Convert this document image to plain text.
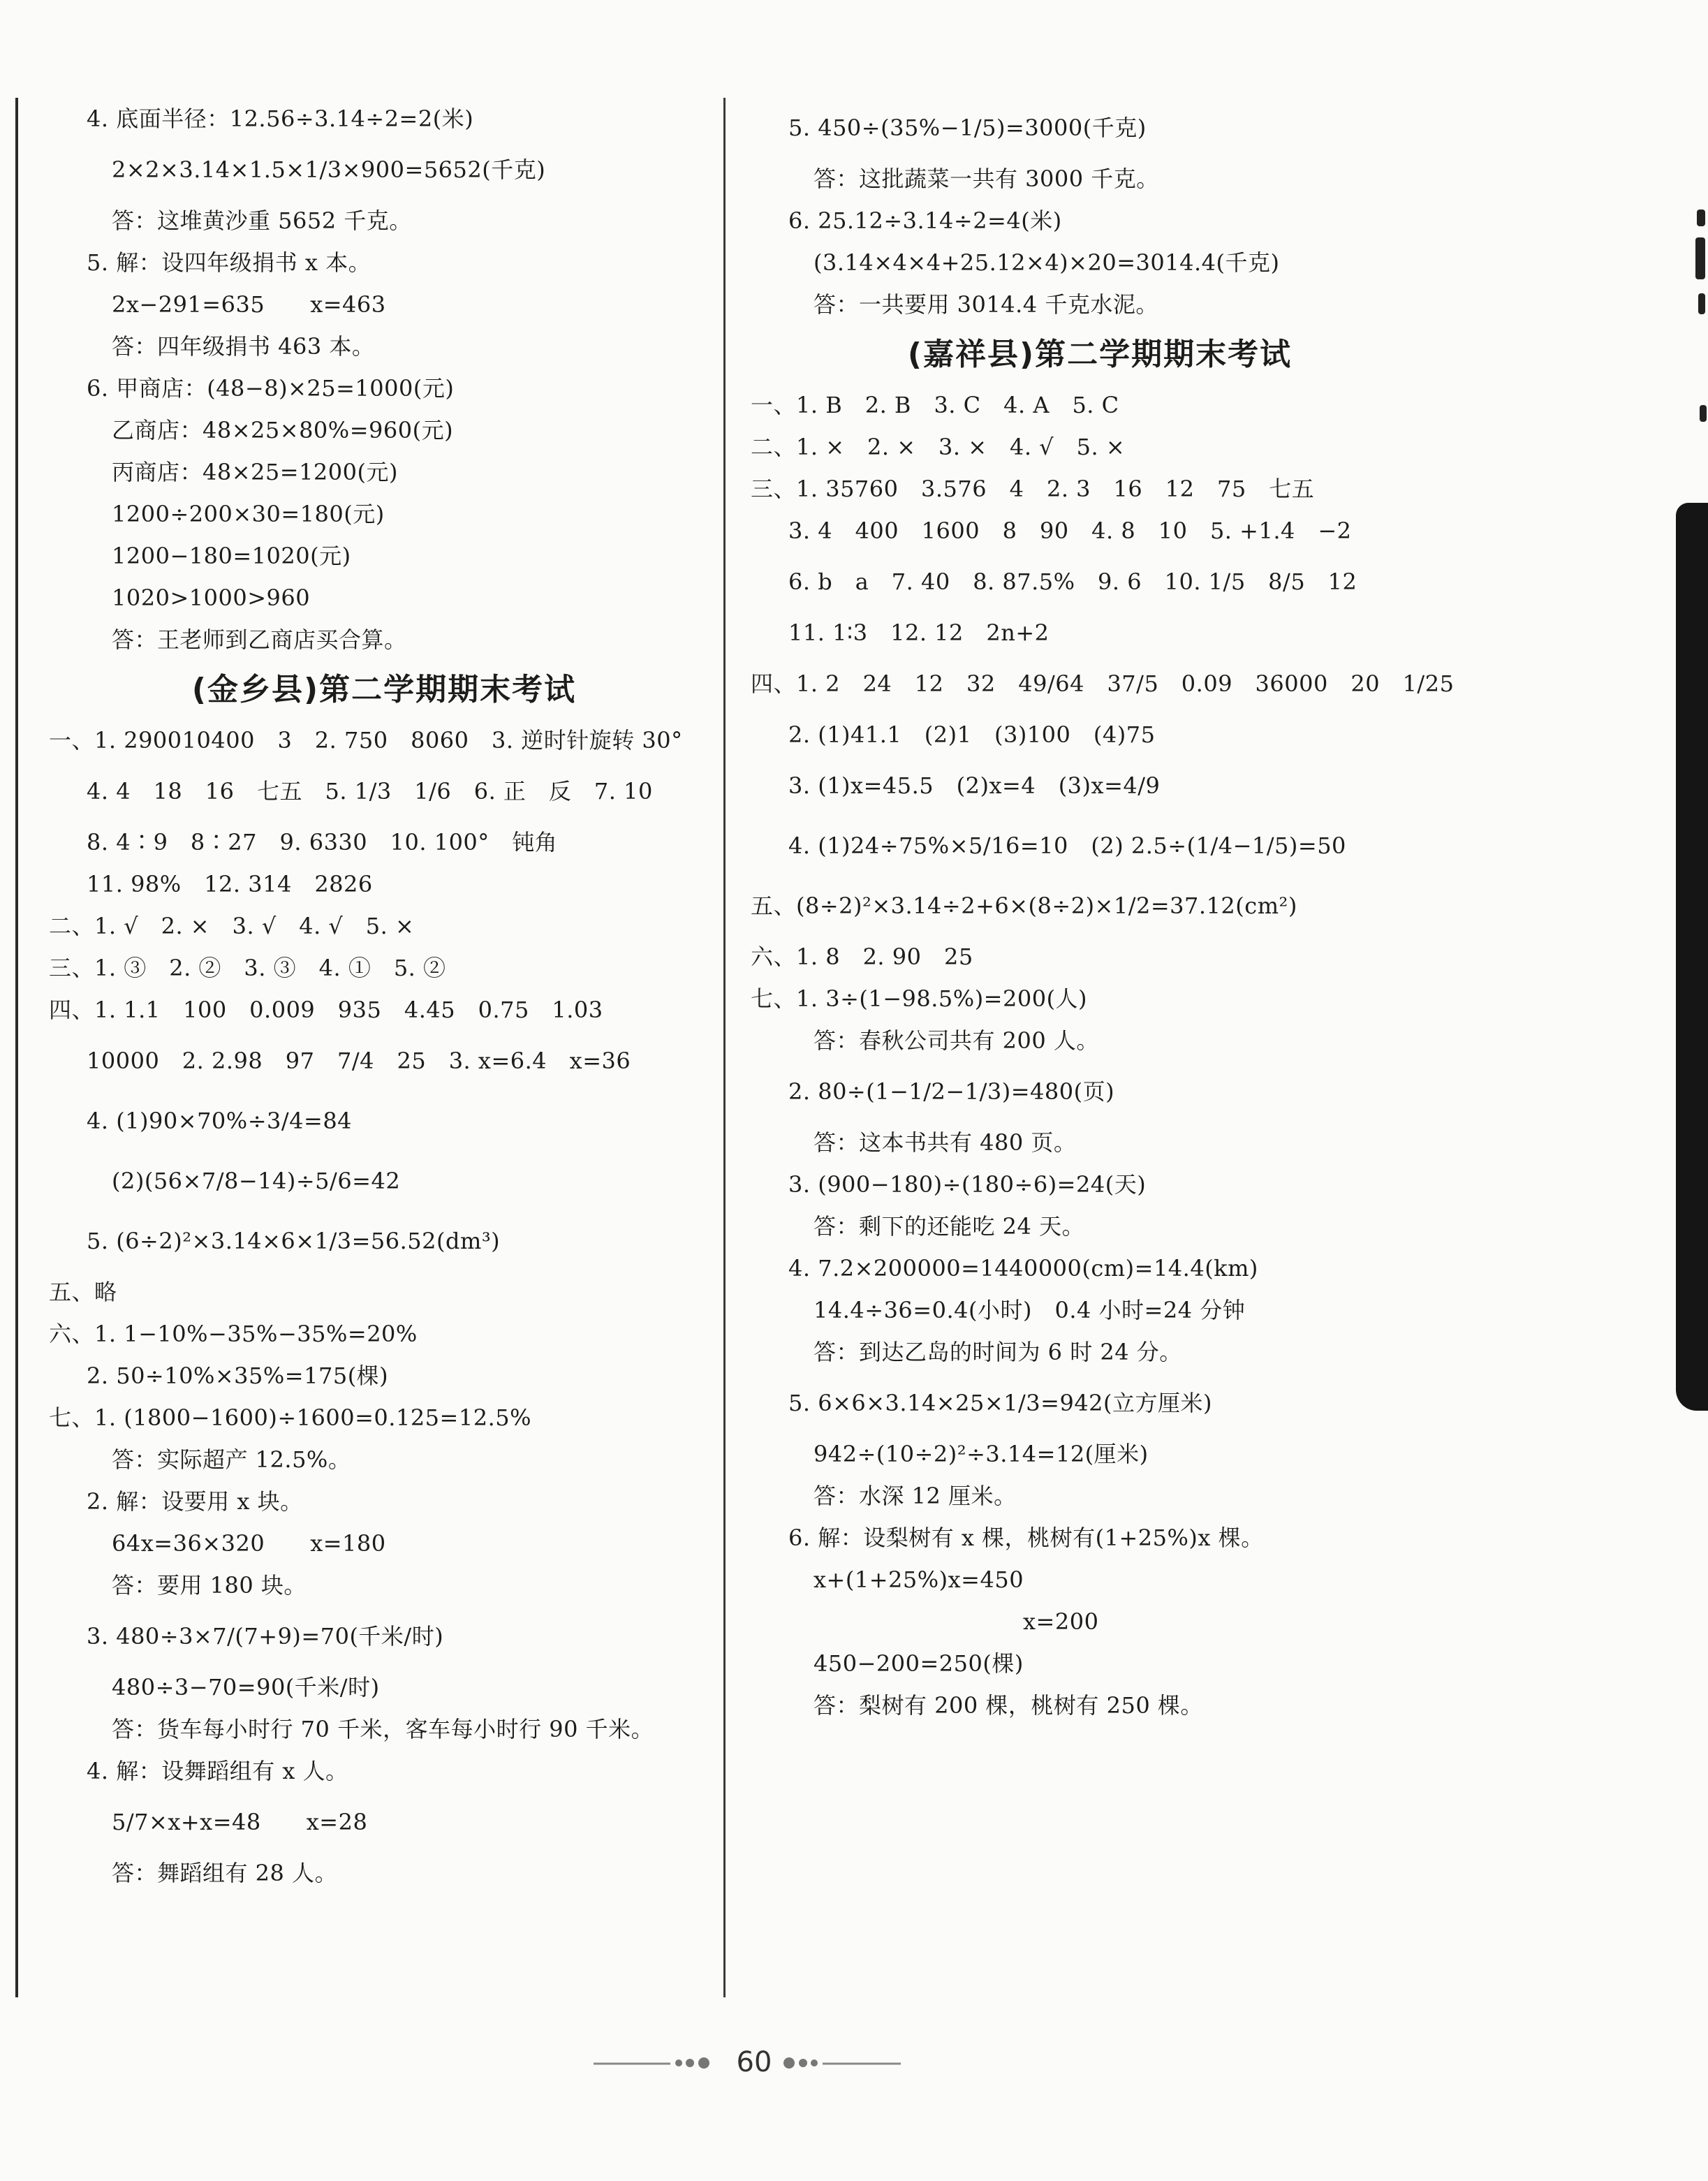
4. 底面半径：12.56÷3.14÷2=2(米)
2×2×3.14×1.5×1/3×900=5652(千克)
答：这堆黄沙重 5652 千克。
5. 解：设四年级捐书 x 本。
2x−291=635　　x=463
答：四年级捐书 463 本。
6. 甲商店：(48−8)×25=1000(元)
乙商店：48×25×80%=960(元)
丙商店：48×25=1200(元)
1200÷200×30=180(元)
1200−180=1020(元)
1020>1000>960
答：王老师到乙商店买合算。
(金乡县)第二学期期末考试
一、1. 290010400　3　2. 750　8060　3. 逆时针旋转 30°
4. 4　18　16　七五　5. 1/3　1/6　6. 正　反　7. 10
8. 4∶9　8∶27　9. 6330　10. 100°　钝角
11. 98%　12. 314　2826
二、1. √　2. ×　3. √　4. √　5. ×
三、1. ③　2. ②　3. ③　4. ①　5. ②
四、1. 1.1　100　0.009　935　4.45　0.75　1.03
10000　2. 2.98　97　7/4　25　3. x=6.4　x=36
4. (1)90×70%÷3/4=84
(2)(56×7/8−14)÷5/6=42
5. (6÷2)²×3.14×6×1/3=56.52(dm³)
五、略
六、1. 1−10%−35%−35%=20%
2. 50÷10%×35%=175(棵)
七、1. (1800−1600)÷1600=0.125=12.5%
答：实际超产 12.5%。
2. 解：设要用 x 块。
64x=36×320　　x=180
答：要用 180 块。
3. 480÷3×7/(7+9)=70(千米/时)
480÷3−70=90(千米/时)
答：货车每小时行 70 千米，客车每小时行 90 千米。
4. 解：设舞蹈组有 x 人。
5/7×x+x=48　　x=28
答：舞蹈组有 28 人。
5. 450÷(35%−1/5)=3000(千克)
答：这批蔬菜一共有 3000 千克。
6. 25.12÷3.14÷2=4(米)
(3.14×4×4+25.12×4)×20=3014.4(千克)
答：一共要用 3014.4 千克水泥。
(嘉祥县)第二学期期末考试
一、1. B　2. B　3. C　4. A　5. C
二、1. ×　2. ×　3. ×　4. √　5. ×
三、1. 35760　3.576　4　2. 3　16　12　75　七五
3. 4　400　1600　8　90　4. 8　10　5. +1.4　−2
6. b　a　7. 40　8. 87.5%　9. 6　10. 1/5　8/5　12
11. 1∶3　12. 12　2n+2
四、1. 2　24　12　32　49/64　37/5　0.09　36000　20　1/25
2. (1)41.1　(2)1　(3)100　(4)75
3. (1)x=45.5　(2)x=4　(3)x=4/9
4. (1)24÷75%×5/16=10　(2) 2.5÷(1/4−1/5)=50
五、(8÷2)²×3.14÷2+6×(8÷2)×1/2=37.12(cm²)
六、1. 8　2. 90　25
七、1. 3÷(1−98.5%)=200(人)
答：春秋公司共有 200 人。
2. 80÷(1−1/2−1/3)=480(页)
答：这本书共有 480 页。
3. (900−180)÷(180÷6)=24(天)
答：剩下的还能吃 24 天。
4. 7.2×200000=1440000(cm)=14.4(km)
14.4÷36=0.4(小时)　0.4 小时=24 分钟
答：到达乙岛的时间为 6 时 24 分。
5. 6×6×3.14×25×1/3=942(立方厘米)
942÷(10÷2)²÷3.14=12(厘米)
答：水深 12 厘米。
6. 解：设梨树有 x 棵，桃树有(1+25%)x 棵。
x+(1+25%)x=450
x=200
450−200=250(棵)
答：梨树有 200 棵，桃树有 250 棵。
60
